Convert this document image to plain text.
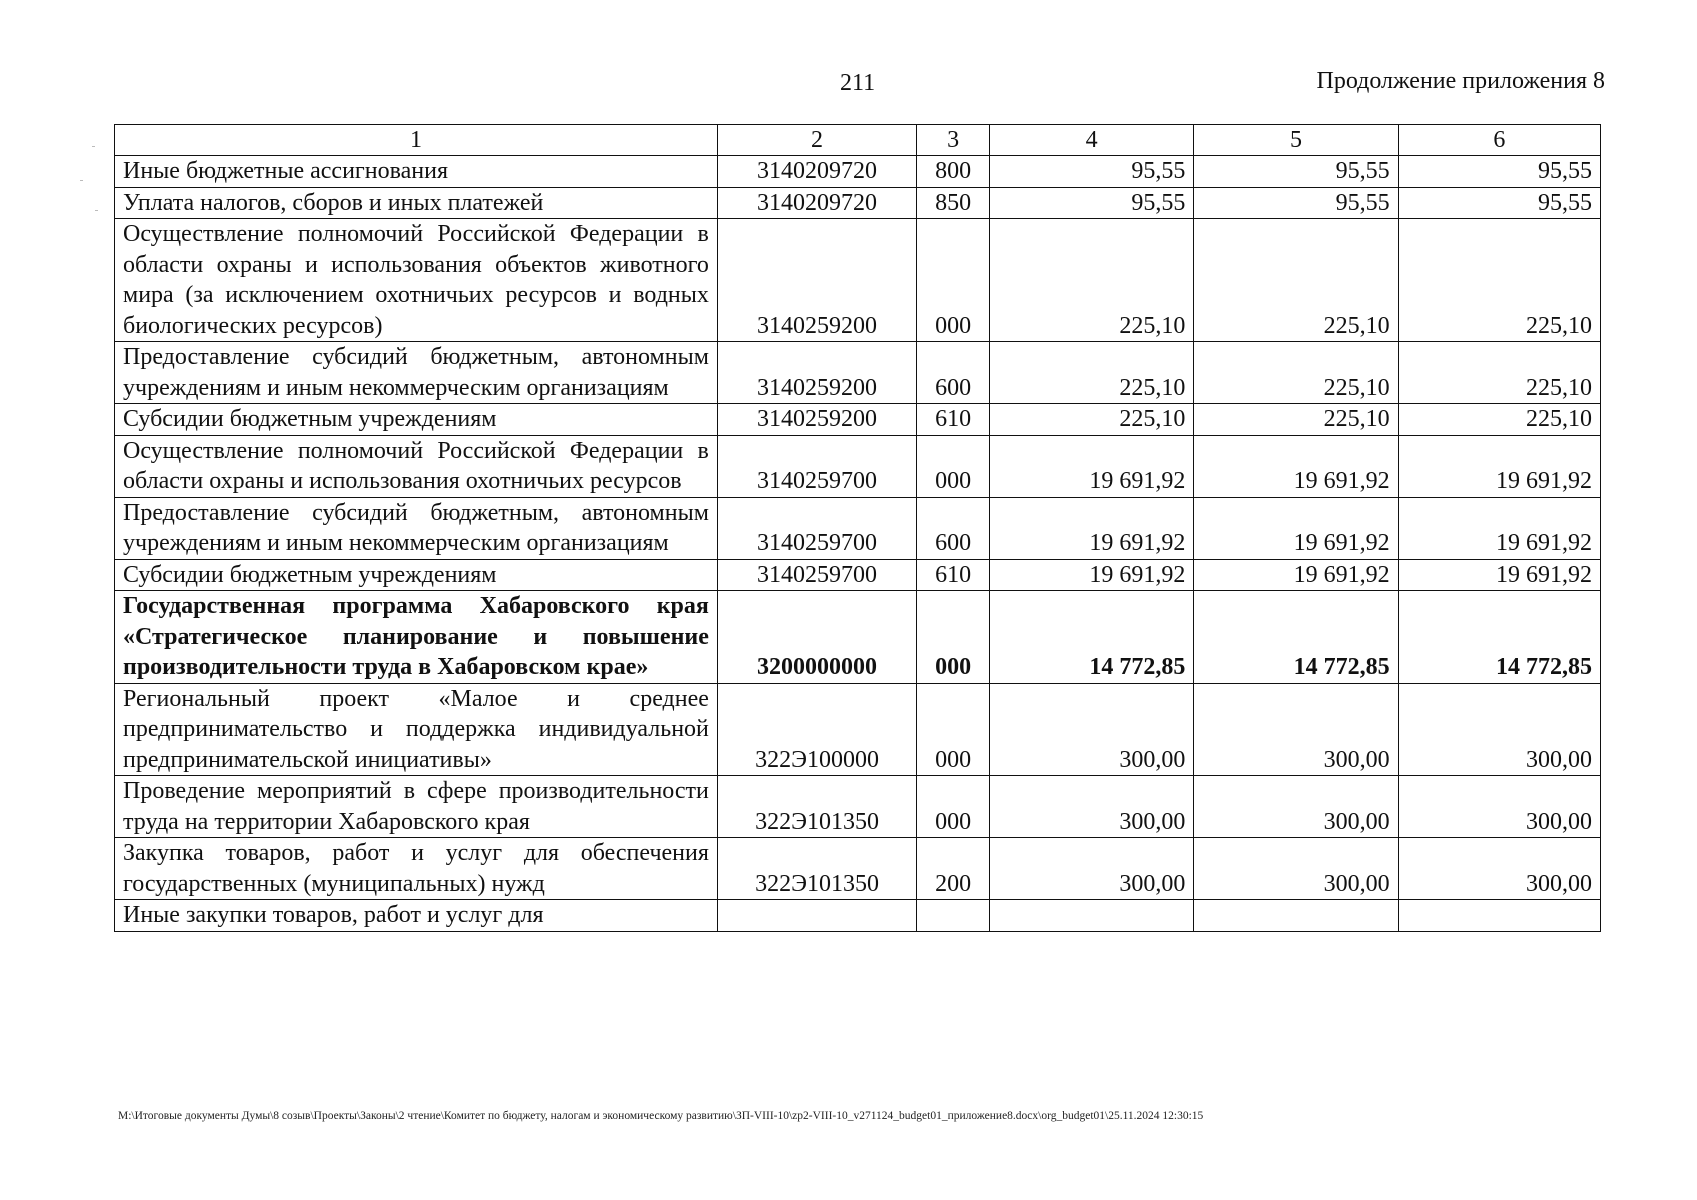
211	Продолжение приложения 8
1	2	3	4	5	6
Иные бюджетные ассигнования	3140209720	800	95,55	95,55	95,55
Уплата налогов, сборов и иных платежей	3140209720	850	95,55	95,55	95,55
Осуществление полномочий Российской Федерации в области охраны и использования объектов животного мира (за исключением охотничьих ресурсов и водных биологических ресурсов)	3140259200	000	225,10	225,10	225,10
Предоставление субсидий бюджетным, автономным учреждениям и иным некоммерческим организациям	3140259200	600	225,10	225,10	225,10
Субсидии бюджетным учреждениям	3140259200	610	225,10	225,10	225,10
Осуществление полномочий Российской Федерации в области охраны и использования охотничьих ресурсов	3140259700	000	19 691,92	19 691,92	19 691,92
Предоставление субсидий бюджетным, автономным учреждениям и иным некоммерческим организациям	3140259700	600	19 691,92	19 691,92	19 691,92
Субсидии бюджетным учреждениям	3140259700	610	19 691,92	19 691,92	19 691,92
Государственная программа Хабаровского края «Стратегическое планирование и повышение производительности труда в Хабаровском крае»	3200000000	000	14 772,85	14 772,85	14 772,85
Региональный проект «Малое и среднее предпринимательство и поддержка индивидуальной предпринимательской инициативы»	322Э100000	000	300,00	300,00	300,00
Проведение мероприятий в сфере производительности труда на территории Хабаровского края	322Э101350	000	300,00	300,00	300,00
Закупка товаров, работ и услуг для обеспечения государственных (муниципальных) нужд	322Э101350	200	300,00	300,00	300,00
Иные закупки товаров, работ и услуг для					
M:\Итоговые документы Думы\8 созыв\Проекты\Законы\2 чтение\Комитет по бюджету, налогам и экономическому развитию\ЗП-VIII-10\zp2-VIII-10_v271124_budget01_приложение8.docx\org_budget01\25.11.2024 12:30:15
